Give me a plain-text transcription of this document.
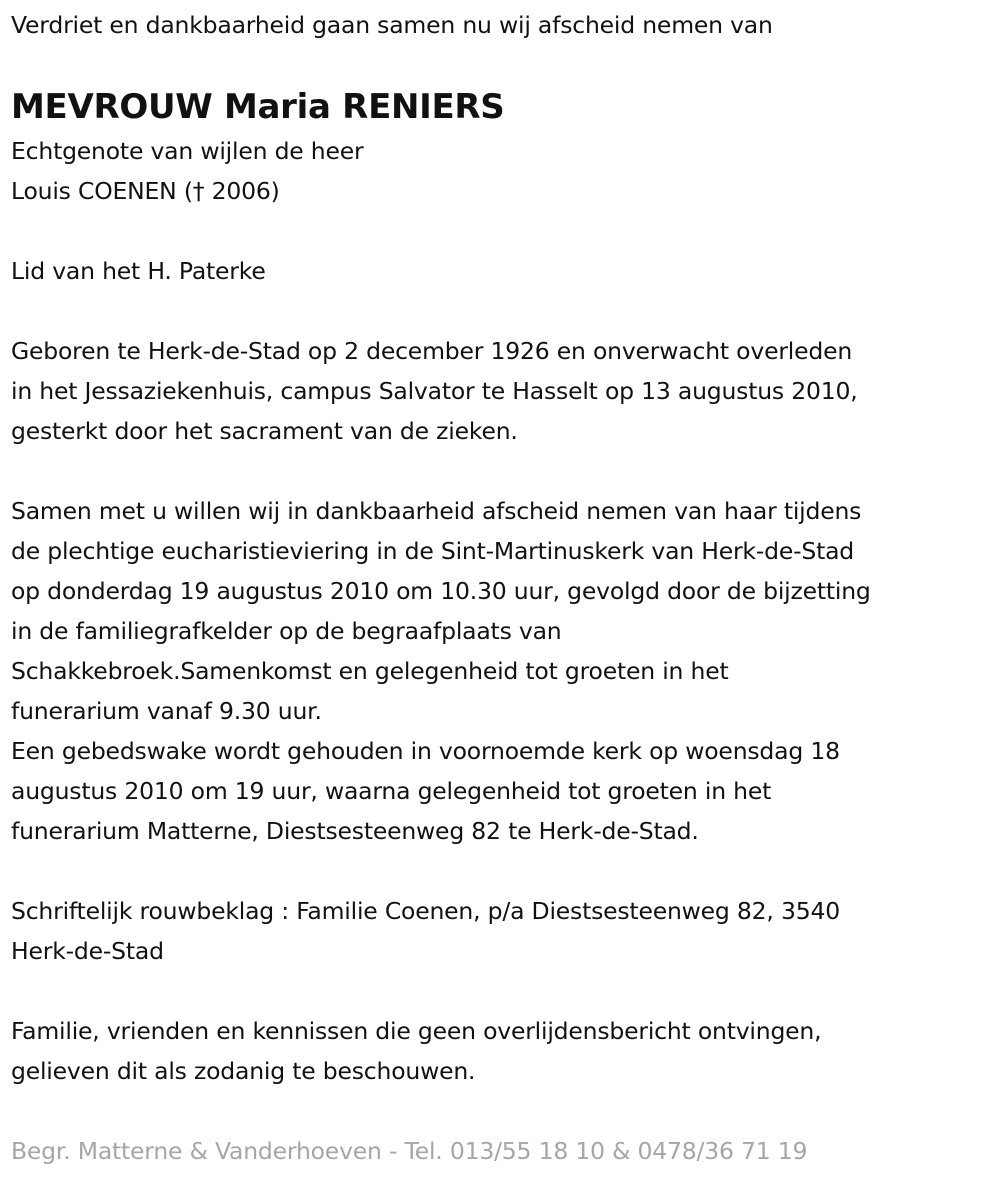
Verdriet en dankbaarheid gaan samen nu wij afscheid nemen van
MEVROUW Maria RENIERS
Echtgenote van wijlen de heer
Louis COENEN († 2006)
Lid van het H. Paterke
Geboren te Herk-de-Stad op 2 december 1926 en onverwacht overleden
in het Jessaziekenhuis, campus Salvator te Hasselt op 13 augustus 2010,
gesterkt door het sacrament van de zieken.
Samen met u willen wij in dankbaarheid afscheid nemen van haar tijdens
de plechtige eucharistieviering in de Sint-Martinuskerk van Herk-de-Stad
op donderdag 19 augustus 2010 om 10.30 uur, gevolgd door de bijzetting
in de familiegrafkelder op de begraafplaats van
Schakkebroek.Samenkomst en gelegenheid tot groeten in het
funerarium vanaf 9.30 uur.
Een gebedswake wordt gehouden in voornoemde kerk op woensdag 18
augustus 2010 om 19 uur, waarna gelegenheid tot groeten in het
funerarium Matterne, Diestsesteenweg 82 te Herk-de-Stad.
Schriftelijk rouwbeklag : Familie Coenen, p/a Diestsesteenweg 82, 3540
Herk-de-Stad
Familie, vrienden en kennissen die geen overlijdensbericht ontvingen,
gelieven dit als zodanig te beschouwen.
Begr. Matterne & Vanderhoeven - Tel. 013/55 18 10 & 0478/36 71 19
